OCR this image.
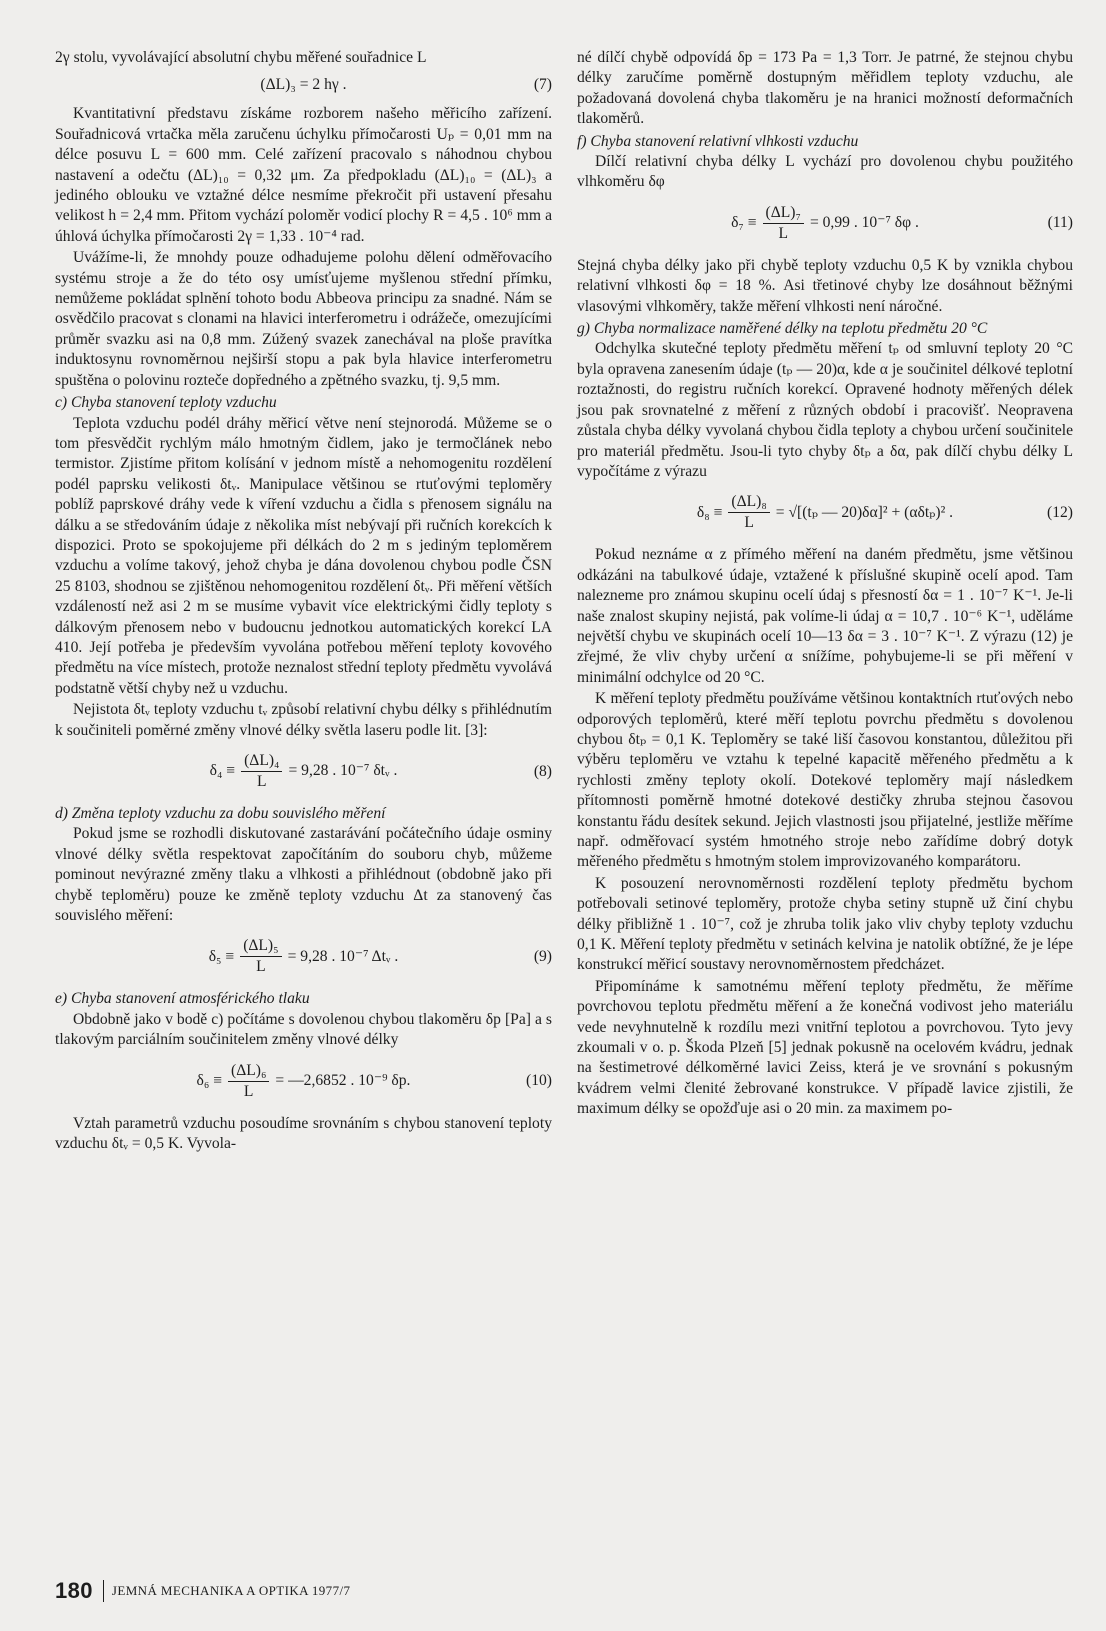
2γ stolu, vyvolávající absolutní chybu měřené souřadnice L

(ΔL)₃ = 2 hγ .	(7)

Kvantitativní představu získáme rozborem našeho měřicího zařízení. Souřadnicová vrtačka měla zaručenu úchylku přímočarosti Uₚ = 0,01 mm na délce posuvu L = 600 mm. Celé zařízení pracovalo s náhodnou chybou nastavení a odečtu (ΔL)₁₀ = 0,32 μm. Za předpokladu (ΔL)₁₀ = (ΔL)₃ a jediného oblouku ve vztažné délce nesmíme překročit při ustavení přesahu velikost h = 2,4 mm. Přitom vychází poloměr vodicí plochy R = 4,5 . 10⁶ mm a úhlová úchylka přímočarosti 2γ = 1,33 . 10⁻⁴ rad.

Uvážíme-li, že mnohdy pouze odhadujeme polohu dělení odměřovacího systému stroje a že do této osy umísťujeme myšlenou střední přímku, nemůžeme pokládat splnění tohoto bodu Abbeova principu za snadné. Nám se osvědčilo pracovat s clonami na hlavici interferometru i odrážeče, omezujícími průměr svazku asi na 0,8 mm. Zúžený svazek zanechával na ploše pravítka induktosynu rovnoměrnou nejširší stopu a pak byla hlavice interferometru spuštěna o polovinu rozteče dopředného a zpětného svazku, tj. 9,5 mm.

c) Chyba stanovení teploty vzduchu

Teplota vzduchu podél dráhy měřicí větve není stejnorodá. Můžeme se o tom přesvědčit rychlým málo hmotným čidlem, jako je termočlánek nebo termistor. Zjistíme přitom kolísání v jednom místě a nehomogenitu rozdělení podél paprsku velikosti δtᵥ. Manipulace většinou se rtuťovými teploměry poblíž paprskové dráhy vede k víření vzduchu a čidla s přenosem signálu na dálku a se středováním údaje z několika míst nebývají při ručních korekcích k dispozici. Proto se spokojujeme při délkách do 2 m s jediným teploměrem vzduchu a volíme takový, jehož chyba je dána dovolenou chybou podle ČSN 25 8103, shodnou se zjištěnou nehomogenitou rozdělení δtᵥ. Při měření větších vzdáleností než asi 2 m se musíme vybavit více elektrickými čidly teploty s dálkovým přenosem nebo v budoucnu jednotkou automatických korekcí LA 410. Její potřeba je především vyvolána potřebou měření teploty kovového předmětu na více místech, protože neznalost střední teploty předmětu vyvolává podstatně větší chyby než u vzduchu.

Nejistota δtᵥ teploty vzduchu tᵥ způsobí relativní chybu délky s přihlédnutím k součiniteli poměrné změny vlnové délky světla laseru podle lit. [3]:

$\delta_4 \equiv \frac{\text{(ΔL)₄}}{L} = 9,28$ . 10⁻⁷ δtᵥ .	(8)

d) Změna teploty vzduchu za dobu souvislého měření

Pokud jsme se rozhodli diskutované zastarávání počátečního údaje osminy vlnové délky světla respektovat započítáním do souboru chyb, můžeme pominout nevýrazné změny tlaku a vlhkosti a přihlédnout (obdobně jako při chybě teploměru) pouze ke změně teploty vzduchu Δt za stanovený čas souvislého měření:

$\delta_5 \equiv \frac{\text{(ΔL)₅}}{L} = 9,28$ . 10⁻⁷ Δtᵥ .	(9)

e) Chyba stanovení atmosférického tlaku

Obdobně jako v bodě c) počítáme s dovolenou chybou tlakoměru δp [Pa] a s tlakovým parciálním součinitelem změny vlnové délky

$\delta_6 \equiv \frac{\text{(ΔL)₆}}{L}$ = —2,6852 . 10⁻⁹ δp.	(10)

Vztah parametrů vzduchu posoudíme srovnáním s chybou stanovení teploty vzduchu δtᵥ = 0,5 K. Vyvola-

né dílčí chybě odpovídá δp = 173 Pa = 1,3 Torr. Je patrné, že stejnou chybu délky zaručíme poměrně dostupným měřidlem teploty vzduchu, ale požadovaná dovolená chyba tlakoměru je na hranici možností deformačních tlakoměrů.

f) Chyba stanovení relativní vlhkosti vzduchu

Dílčí relativní chyba délky L vychází pro dovolenou chybu použitého vlhkoměru δφ

$\delta_7 \equiv \frac{\text{(ΔL)₇}}{L} = 0,99$ . 10⁻⁷ δφ .	(11)

Stejná chyba délky jako při chybě teploty vzduchu 0,5 K by vznikla chybou relativní vlhkosti δφ = 18 %. Asi třetinové chyby lze dosáhnout běžnými vlasovými vlhkoměry, takže měření vlhkosti není náročné.

g) Chyba normalizace naměřené délky na teplotu předmětu 20 °C

Odchylka skutečné teploty předmětu měření tₚ od smluvní teploty 20 °C byla opravena zanesením údaje (tₚ — 20)α, kde α je součinitel délkové teplotní roztažnosti, do registru ručních korekcí. Opravené hodnoty měřených délek jsou pak srovnatelné z měření z různých období i pracovišť. Neopravena zůstala chyba délky vyvolaná chybou čidla teploty a chybou určení součinitele pro materiál předmětu. Jsou-li tyto chyby δtₚ a δα, pak dílčí chybu délky L vypočítáme z výrazu

$\delta_8 \equiv \frac{\text{(ΔL)₈}}{L} = √[(t_p$ — 20)δα]² + (αδtₚ)² .	(12)

Pokud neznáme α z přímého měření na daném předmětu, jsme většinou odkázáni na tabulkové údaje, vztažené k příslušné skupině ocelí apod. Tam nalezneme pro známou skupinu ocelí údaj s přesností δα = 1 . 10⁻⁷ K⁻¹. Je-li naše znalost skupiny nejistá, pak volíme-li údaj α = 10,7 . 10⁻⁶ K⁻¹, uděláme největší chybu ve skupinách ocelí 10—13 δα = 3 . 10⁻⁷ K⁻¹. Z výrazu (12) je zřejmé, že vliv chyby určení α snížíme, pohybujeme-li se při měření v minimální odchylce od 20 °C.

K měření teploty předmětu používáme většinou kontaktních rtuťových nebo odporových teploměrů, které měří teplotu povrchu předmětu s dovolenou chybou δtₚ = 0,1 K. Teploměry se také liší časovou konstantou, důležitou při výběru teploměru ve vztahu k tepelné kapacitě měřeného předmětu a k rychlosti změny teploty okolí. Dotekové teploměry mají následkem přítomnosti poměrně hmotné dotekové destičky zhruba stejnou časovou konstantu řádu desítek sekund. Jejich vlastnosti jsou přijatelné, jestliže měříme např. odměřovací systém hmotného stroje nebo zařídíme dobrý dotyk měřeného předmětu s hmotným stolem improvizovaného komparátoru.

K posouzení nerovnoměrnosti rozdělení teploty předmětu bychom potřebovali setinové teploměry, protože chyba setiny stupně už činí chybu délky přibližně 1 . 10⁻⁷, což je zhruba tolik jako vliv chyby teploty vzduchu 0,1 K. Měření teploty předmětu v setinách kelvina je natolik obtížné, že je lépe konstrukcí měřicí soustavy nerovnoměrnostem předcházet.

Připomínáme k samotnému měření teploty předmětu, že měříme povrchovou teplotu předmětu měření a že konečná vodivost jeho materiálu vede nevyhnutelně k rozdílu mezi vnitřní teplotou a povrchovou. Tyto jevy zkoumali v o. p. Škoda Plzeň [5] jednak pokusně na ocelovém kvádru, jednak na šestimetrové délkoměrné lavici Zeiss, která je ve srovnání s pokusným kvádrem velmi členité žebrované konstrukce. V případě lavice zjistili, že maximum délky se opožďuje asi o 20 min. za maximem po-

180 JEMNÁ MECHANIKA A OPTIKA 1977/7
